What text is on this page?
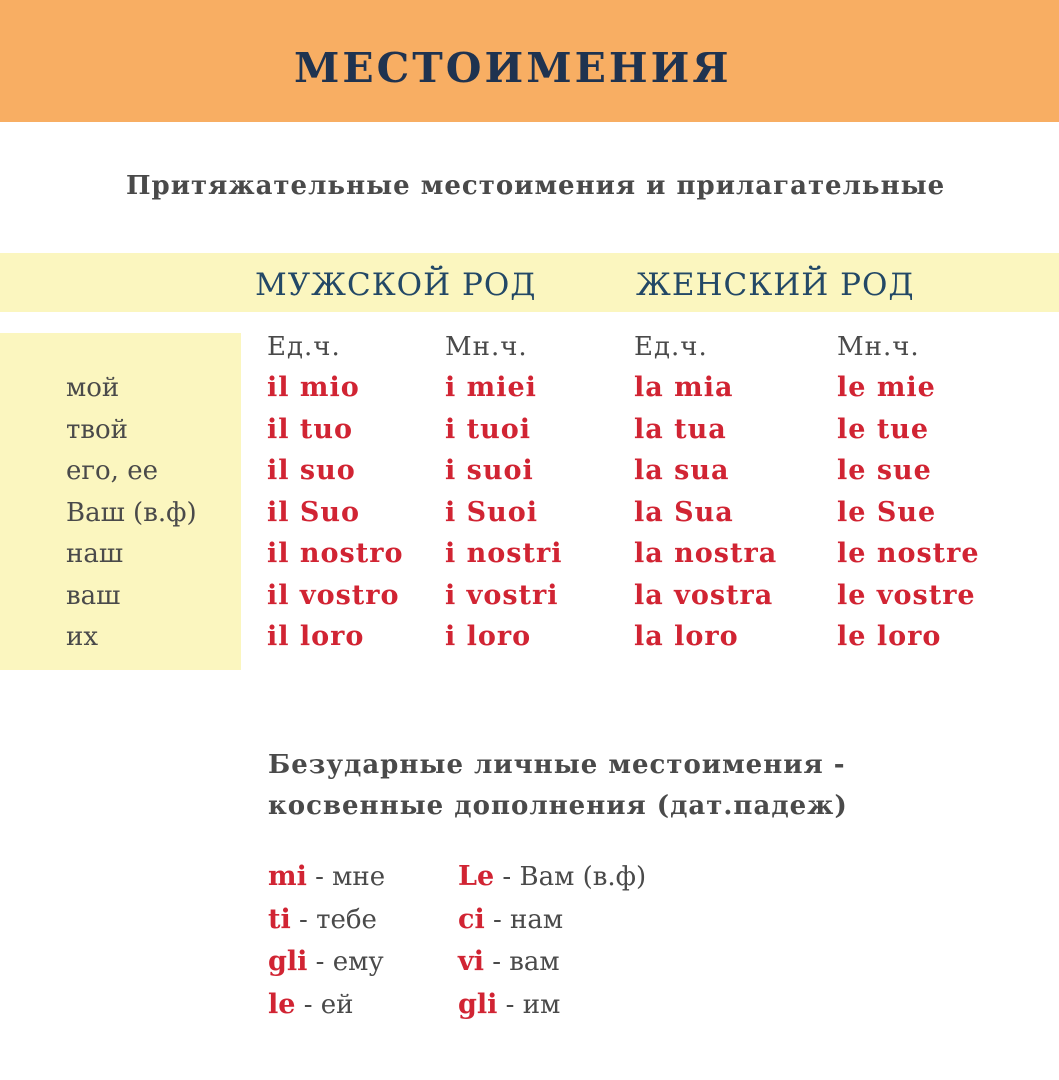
МЕСТОИМЕНИЯ
Притяжательные местоимения и прилагательные
МУЖСКОЙ РОД	ЖЕНСКИЙ РОД
мой
твой
его, ее
Ваш (в.ф)
наш
ваш
их
Ед.ч.
il mio
il tuo
il suo
il Suo
il nostro
il vostro
il loro
Мн.ч.
i miei
i tuoi
i suoi
i Suoi
i nostri
i vostri
i loro
Ед.ч.
la mia
la tua
la sua
la Sua
la nostra
la vostra
la loro
Мн.ч.
le mie
le tue
le sue
le Sue
le nostre
le vostre
le loro
Безударные личные местоимения -
косвенные дополнения (дат.падеж)
mi - мне
ti - тебе
gli - ему
le - ей
Le - Вам (в.ф)
ci - нам
vi - вам
gli - им
